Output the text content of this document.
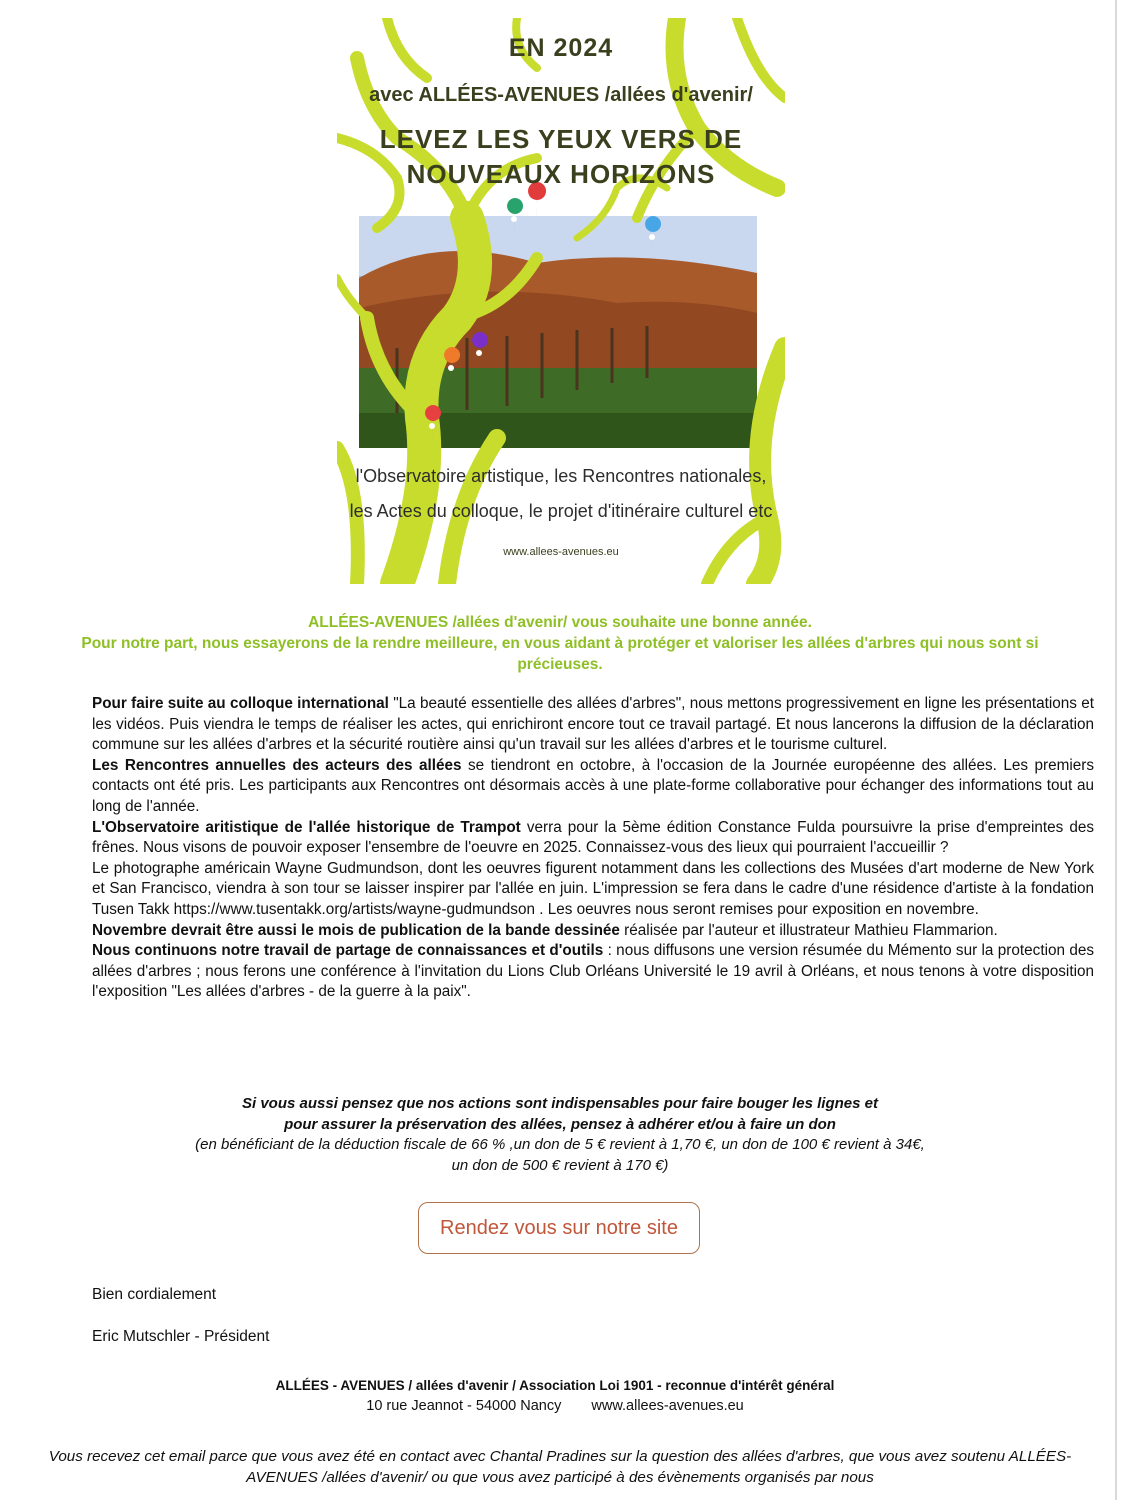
EN 2024
avec ALLÉES-AVENUES /allées d'avenir/
LEVEZ LES YEUX VERS DE
NOUVEAUX HORIZONS
l'Observatoire artistique, les Rencontres nationales,
les Actes du colloque, le projet d'itinéraire culturel etc
www.allees-avenues.eu
ALLÉES-AVENUES /allées d'avenir/ vous souhaite une bonne année.
Pour notre part, nous essayerons de la rendre meilleure, en vous aidant à protéger et valoriser les allées d'arbres qui nous sont si précieuses.

Pour faire suite au colloque international "La beauté essentielle des allées d'arbres", nous mettons progressivement en ligne les présentations et les vidéos. Puis viendra le temps de réaliser les actes, qui enrichiront encore tout ce travail partagé. Et nous lancerons la diffusion de la déclaration commune sur les allées d'arbres et la sécurité routière ainsi qu'un travail sur les allées d'arbres et le tourisme culturel.

Les Rencontres annuelles des acteurs des allées se tiendront en octobre, à l'occasion de la Journée européenne des allées. Les premiers contacts ont été pris. Les participants aux Rencontres ont désormais accès à une plate-forme collaborative pour échanger des informations tout au long de l'année.

L'Observatoire aritistique de l'allée historique de Trampot verra pour la 5ème édition Constance Fulda poursuivre la prise d'empreintes des frênes. Nous visons de pouvoir exposer l'ensembre de l'oeuvre en 2025. Connaissez-vous des lieux qui pourraient l'accueillir ?

Le photographe américain Wayne Gudmundson, dont les oeuvres figurent notamment dans les collections des Musées d'art moderne de New York et San Francisco, viendra à son tour se laisser inspirer par l'allée en juin. L'impression se fera dans le cadre d'une résidence d'artiste à la fondation Tusen Takk https://www.tusentakk.org/artists/wayne-gudmundson . Les oeuvres nous seront remises pour exposition en novembre.

Novembre devrait être aussi le mois de publication de la bande dessinée réalisée par l'auteur et illustrateur Mathieu Flammarion.

Nous continuons notre travail de partage de connaissances et d'outils : nous diffusons une version résumée du Mémento sur la protection des allées d'arbres ; nous ferons une conférence à l'invitation du Lions Club Orléans Université le 19 avril à Orléans, et nous tenons à votre disposition l'exposition "Les allées d'arbres - de la guerre à la paix".

Si vous aussi pensez que nos actions sont indispensables pour faire bouger les lignes et
pour assurer la préservation des allées, pensez à adhérer et/ou à faire un don
(en bénéficiant de la déduction fiscale de 66 % ,un don de 5 € revient à 1,70 €, un don de 100 € revient à 34€,
un don de 500 € revient à 170 €)
Rendez vous sur notre site
Bien cordialement
Eric Mutschler - Président
ALLÉES - AVENUES / allées d'avenir / Association Loi 1901 - reconnue d'intérêt général
10 rue Jeannot - 54000 Nancy www.allees-avenues.eu
Vous recevez cet email parce que vous avez été en contact avec Chantal Pradines sur la question des allées d'arbres, que vous avez soutenu ALLÉES-AVENUES /allées d'avenir/ ou que vous avez participé à des évènements organisés par nous
